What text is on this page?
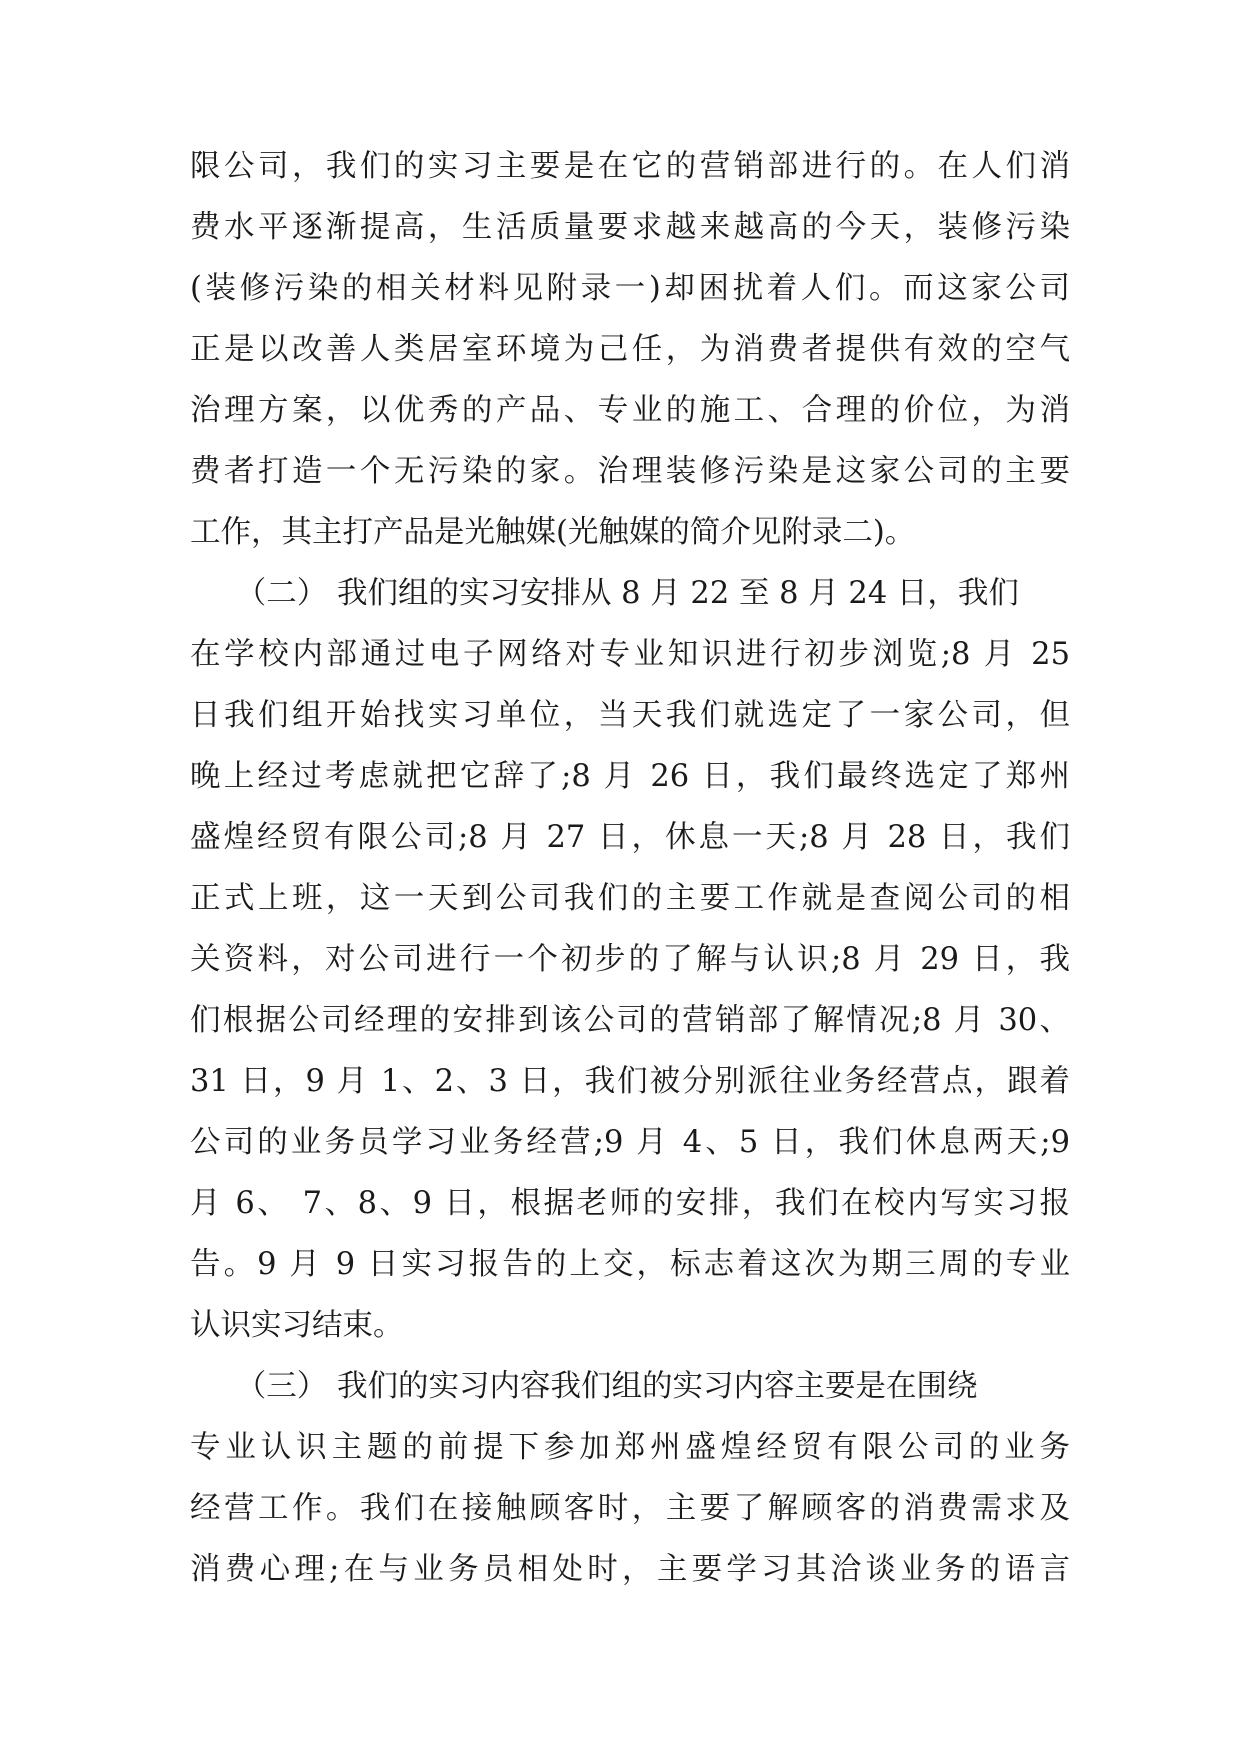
限公司，我们的实习主要是在它的营销部进行的。在人们消
费水平逐渐提高，生活质量要求越来越高的今天，装修污染
(装修污染的相关材料见附录一)却困扰着人们。而这家公司
正是以改善人类居室环境为己任，为消费者提供有效的空气
治理方案，以优秀的产品、专业的施工、合理的价位，为消
费者打造一个无污染的家。治理装修污染是这家公司的主要
工作，其主打产品是光触媒(光触媒的简介见附录二)。
　　（二） 我们组的实习安排从 8 月 22 至 8 月 24 日，我们
在学校内部通过电子网络对专业知识进行初步浏览;8 月 25
日我们组开始找实习单位，当天我们就选定了一家公司，但
晚上经过考虑就把它辞了;8 月 26 日，我们最终选定了郑州
盛煌经贸有限公司;8 月 27 日，休息一天;8 月 28 日，我们
正式上班，这一天到公司我们的主要工作就是查阅公司的相
关资料，对公司进行一个初步的了解与认识;8 月 29 日，我
们根据公司经理的安排到该公司的营销部了解情况;8 月 30、
31 日，9 月 1、2、3 日，我们被分别派往业务经营点，跟着
公司的业务员学习业务经营;9 月 4、5 日，我们休息两天;9
月 6、 7、8、9 日，根据老师的安排，我们在校内写实习报
告。9 月 9 日实习报告的上交，标志着这次为期三周的专业
认识实习结束。
　　（三） 我们的实习内容我们组的实习内容主要是在围绕
专业认识主题的前提下参加郑州盛煌经贸有限公司的业务
经营工作。我们在接触顾客时，主要了解顾客的消费需求及
消费心理;在与业务员相处时，主要学习其洽谈业务的语言
